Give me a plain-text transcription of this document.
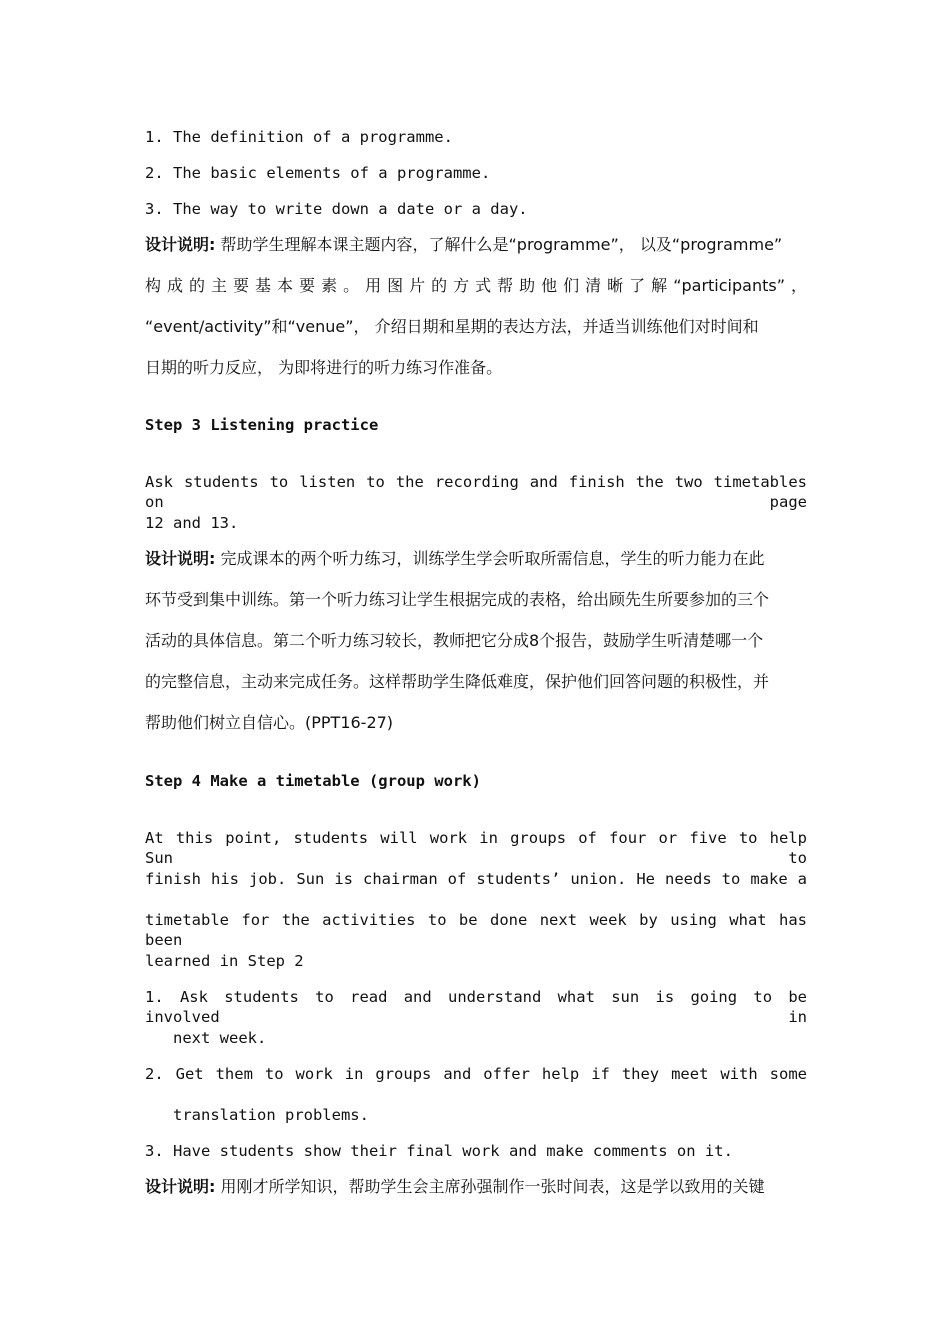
1. The definition of a programme.
2. The basic elements of a programme.
3. The way to write down a date or a day.
设计说明: 帮助学生理解本课主题内容，了解什么是“programme”， 以及“programme”
构成的主要基本要素。用图片的方式帮助他们清晰了解“participants”，
“event/activity”和“venue”， 介绍日期和星期的表达方法，并适当训练他们对时间和
日期的听力反应， 为即将进行的听力练习作准备。
Step 3 Listening practice
Ask students to listen to the recording and finish the two timetables on page
12 and 13.
设计说明: 完成课本的两个听力练习，训练学生学会听取所需信息，学生的听力能力在此
环节受到集中训练。第一个听力练习让学生根据完成的表格，给出顾先生所要参加的三个
活动的具体信息。第二个听力练习较长，教师把它分成8个报告，鼓励学生听清楚哪一个
的完整信息，主动来完成任务。这样帮助学生降低难度，保护他们回答问题的积极性，并
帮助他们树立自信心。(PPT16-27)
Step 4 Make a timetable (group work)
At this point, students will work in groups of four or five to help Sun to
finish his job. Sun is chairman of students’ union. He needs to make a
timetable for the activities to be done next week by using what has been
learned in Step 2
1. Ask students to read and understand what sun is going to be involved in
next week.
2. Get them to work in groups and offer help if they meet with some
translation problems.
3. Have students show their final work and make comments on it.
设计说明: 用刚才所学知识，帮助学生会主席孙强制作一张时间表，这是学以致用的关键
